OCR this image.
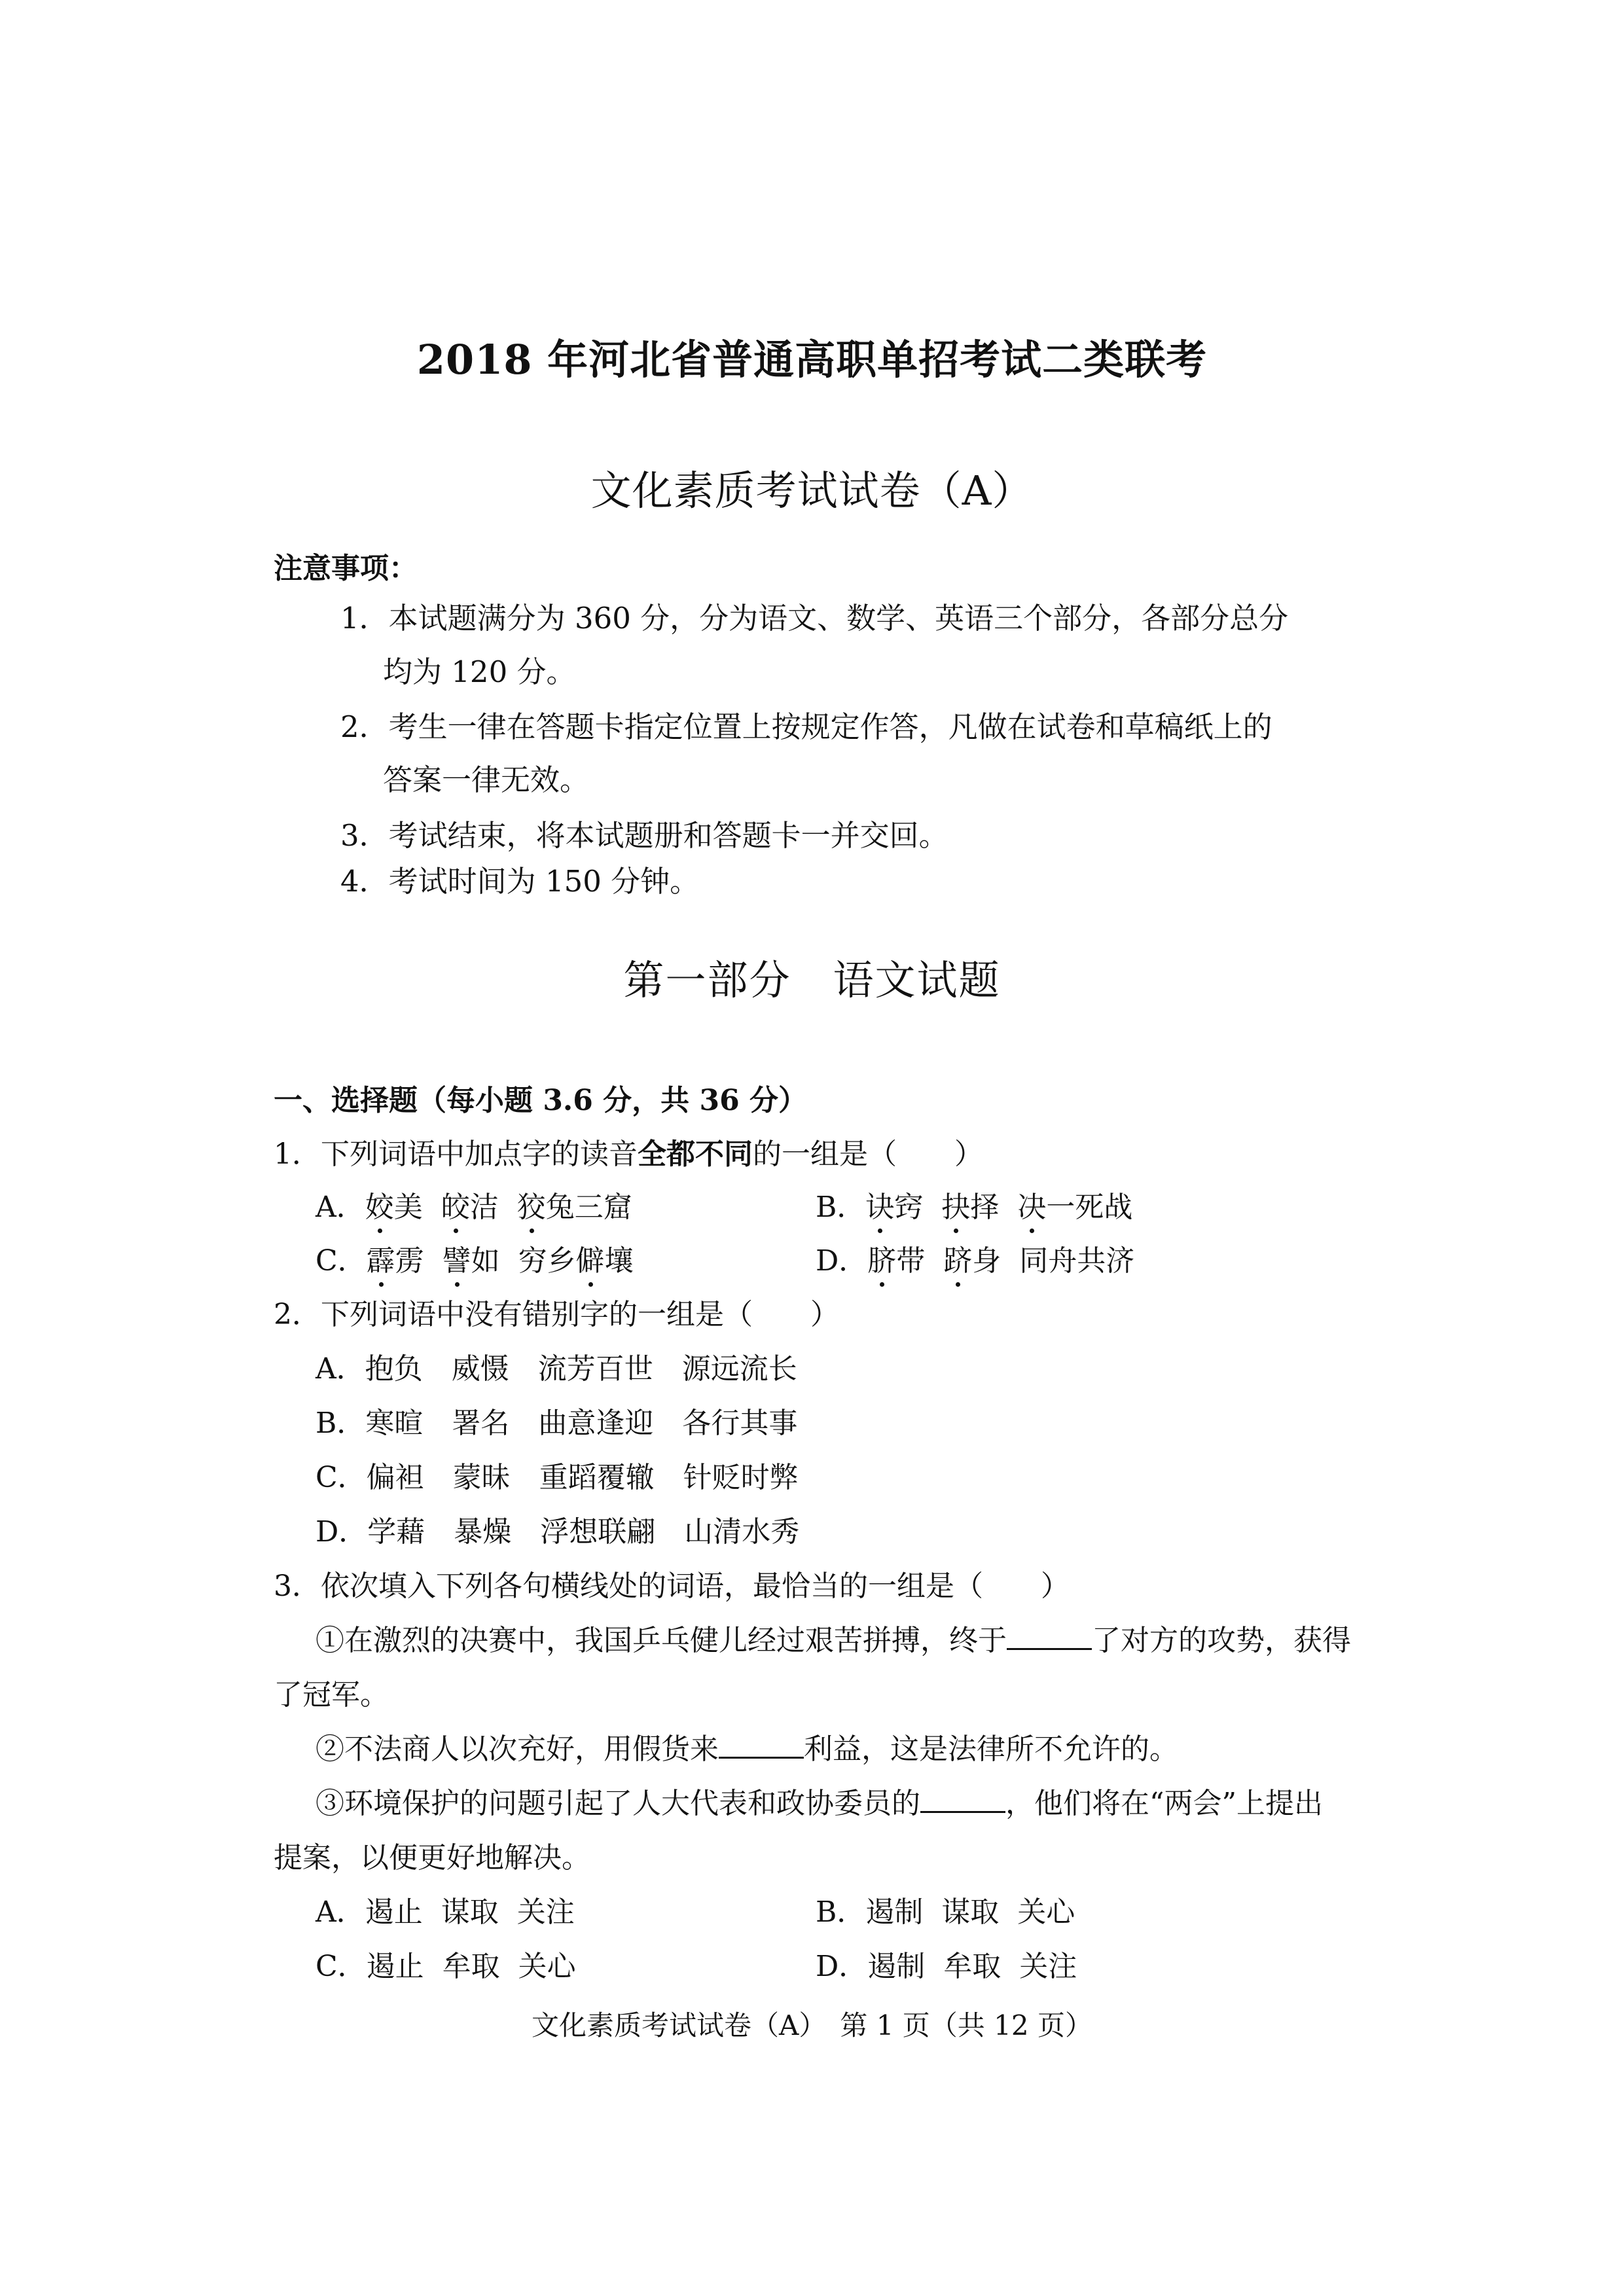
2018 年河北省普通高职单招考试二类联考
文化素质考试试卷（A）
注意事项：
1．本试题满分为 360 分，分为语文、数学、英语三个部分，各部分总分
均为 120 分。
2．考生一律在答题卡指定位置上按规定作答，凡做在试卷和草稿纸上的
答案一律无效。
3．考试结束，将本试题册和答题卡一并交回。
4．考试时间为 150 分钟。
第一部分　语文试题
一、选择题（每小题 3.6 分，共 36 分）
1．下列词语中加点字的读音全都不同的一组是（　　）
A．姣美 皎洁 狡兔三窟	B．诀窍 抉择 决一死战
C．霹雳 譬如 穷乡僻壤	D．脐带 跻身 同舟共济
2．下列词语中没有错别字的一组是（　　）
A．抱负　威慑　流芳百世　源远流长
B．寒暄　署名　曲意逢迎　各行其事
C．偏袒　蒙昧　重蹈覆辙　针贬时弊
D．学藉　暴燥　浮想联翩　山清水秀
3．依次填入下列各句横线处的词语，最恰当的一组是（　　）
①在激烈的决赛中，我国乒乓健儿经过艰苦拼搏，终于	了对方的攻势，获得
了冠军。
②不法商人以次充好，用假货来	利益，这是法律所不允许的。
③环境保护的问题引起了人大代表和政协委员的	，他们将在“两会”上提出
提案，以便更好地解决。
A．遏止  谋取  关注	B．遏制  谋取  关心
C．遏止  牟取  关心	D．遏制  牟取  关注
文化素质考试试卷（A）　第 1 页（共 12 页）
